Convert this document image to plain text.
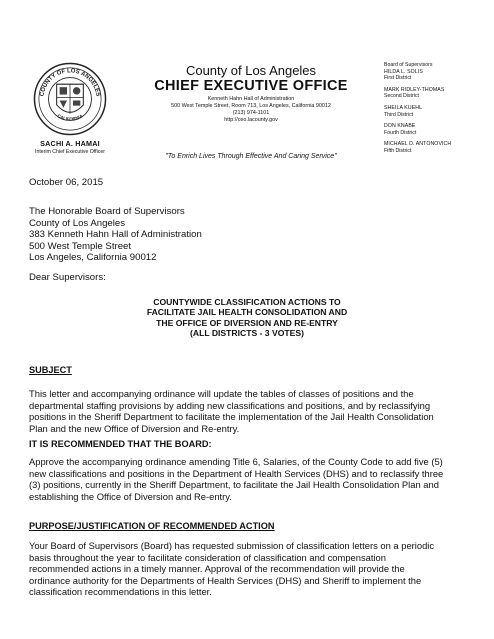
COUNTY OF LOS ANGELES
CALIFORNIA
SACHI A. HAMAI
Interim Chief Executive Officer
County of Los Angeles
CHIEF EXECUTIVE OFFICE
Kenneth Hahn Hall of Administration
500 West Temple Street, Room 713, Los Angeles, California 90012
(213) 974-1101
http://ceo.lacounty.gov
"To Enrich Lives Through Effective And Caring Service"
Board of Supervisors
HILDA L. SOLIS
First District
MARK RIDLEY-THOMAS
Second District
SHEILA KUEHL
Third District
DON KNABE
Fourth District
MICHAEL D. ANTONOVICH
Fifth District
October 06, 2015
The Honorable Board of Supervisors
County of Los Angeles
383 Kenneth Hahn Hall of Administration
500 West Temple Street
Los Angeles, California 90012
Dear Supervisors:
COUNTYWIDE CLASSIFICATION ACTIONS TO
FACILITATE JAIL HEALTH CONSOLIDATION AND
THE OFFICE OF DIVERSION AND RE-ENTRY
(ALL DISTRICTS - 3 VOTES)
SUBJECT
This letter and accompanying ordinance will update the tables of classes of positions and the
departmental staffing provisions by adding new classifications and positions, and by reclassifying
positions in the Sheriff Department to facilitate the implementation of the Jail Health Consolidation
Plan and the new Office of Diversion and Re-entry.
IT IS RECOMMENDED THAT THE BOARD:
Approve the accompanying ordinance amending Title 6, Salaries, of the County Code to add five (5)
new classifications and positions in the Department of Health Services (DHS) and to reclassify three
(3) positions, currently in the Sheriff Department, to facilitate the Jail Health Consolidation Plan and
establishing the Office of Diversion and Re-entry.
PURPOSE/JUSTIFICATION OF RECOMMENDED ACTION
Your Board of Supervisors (Board) has requested submission of classification letters on a periodic
basis throughout the year to facilitate consideration of classification and compensation
recommended actions in a timely manner. Approval of the recommendation will provide the
ordinance authority for the Departments of Health Services (DHS) and Sheriff to implement the
classification recommendations in this letter.
